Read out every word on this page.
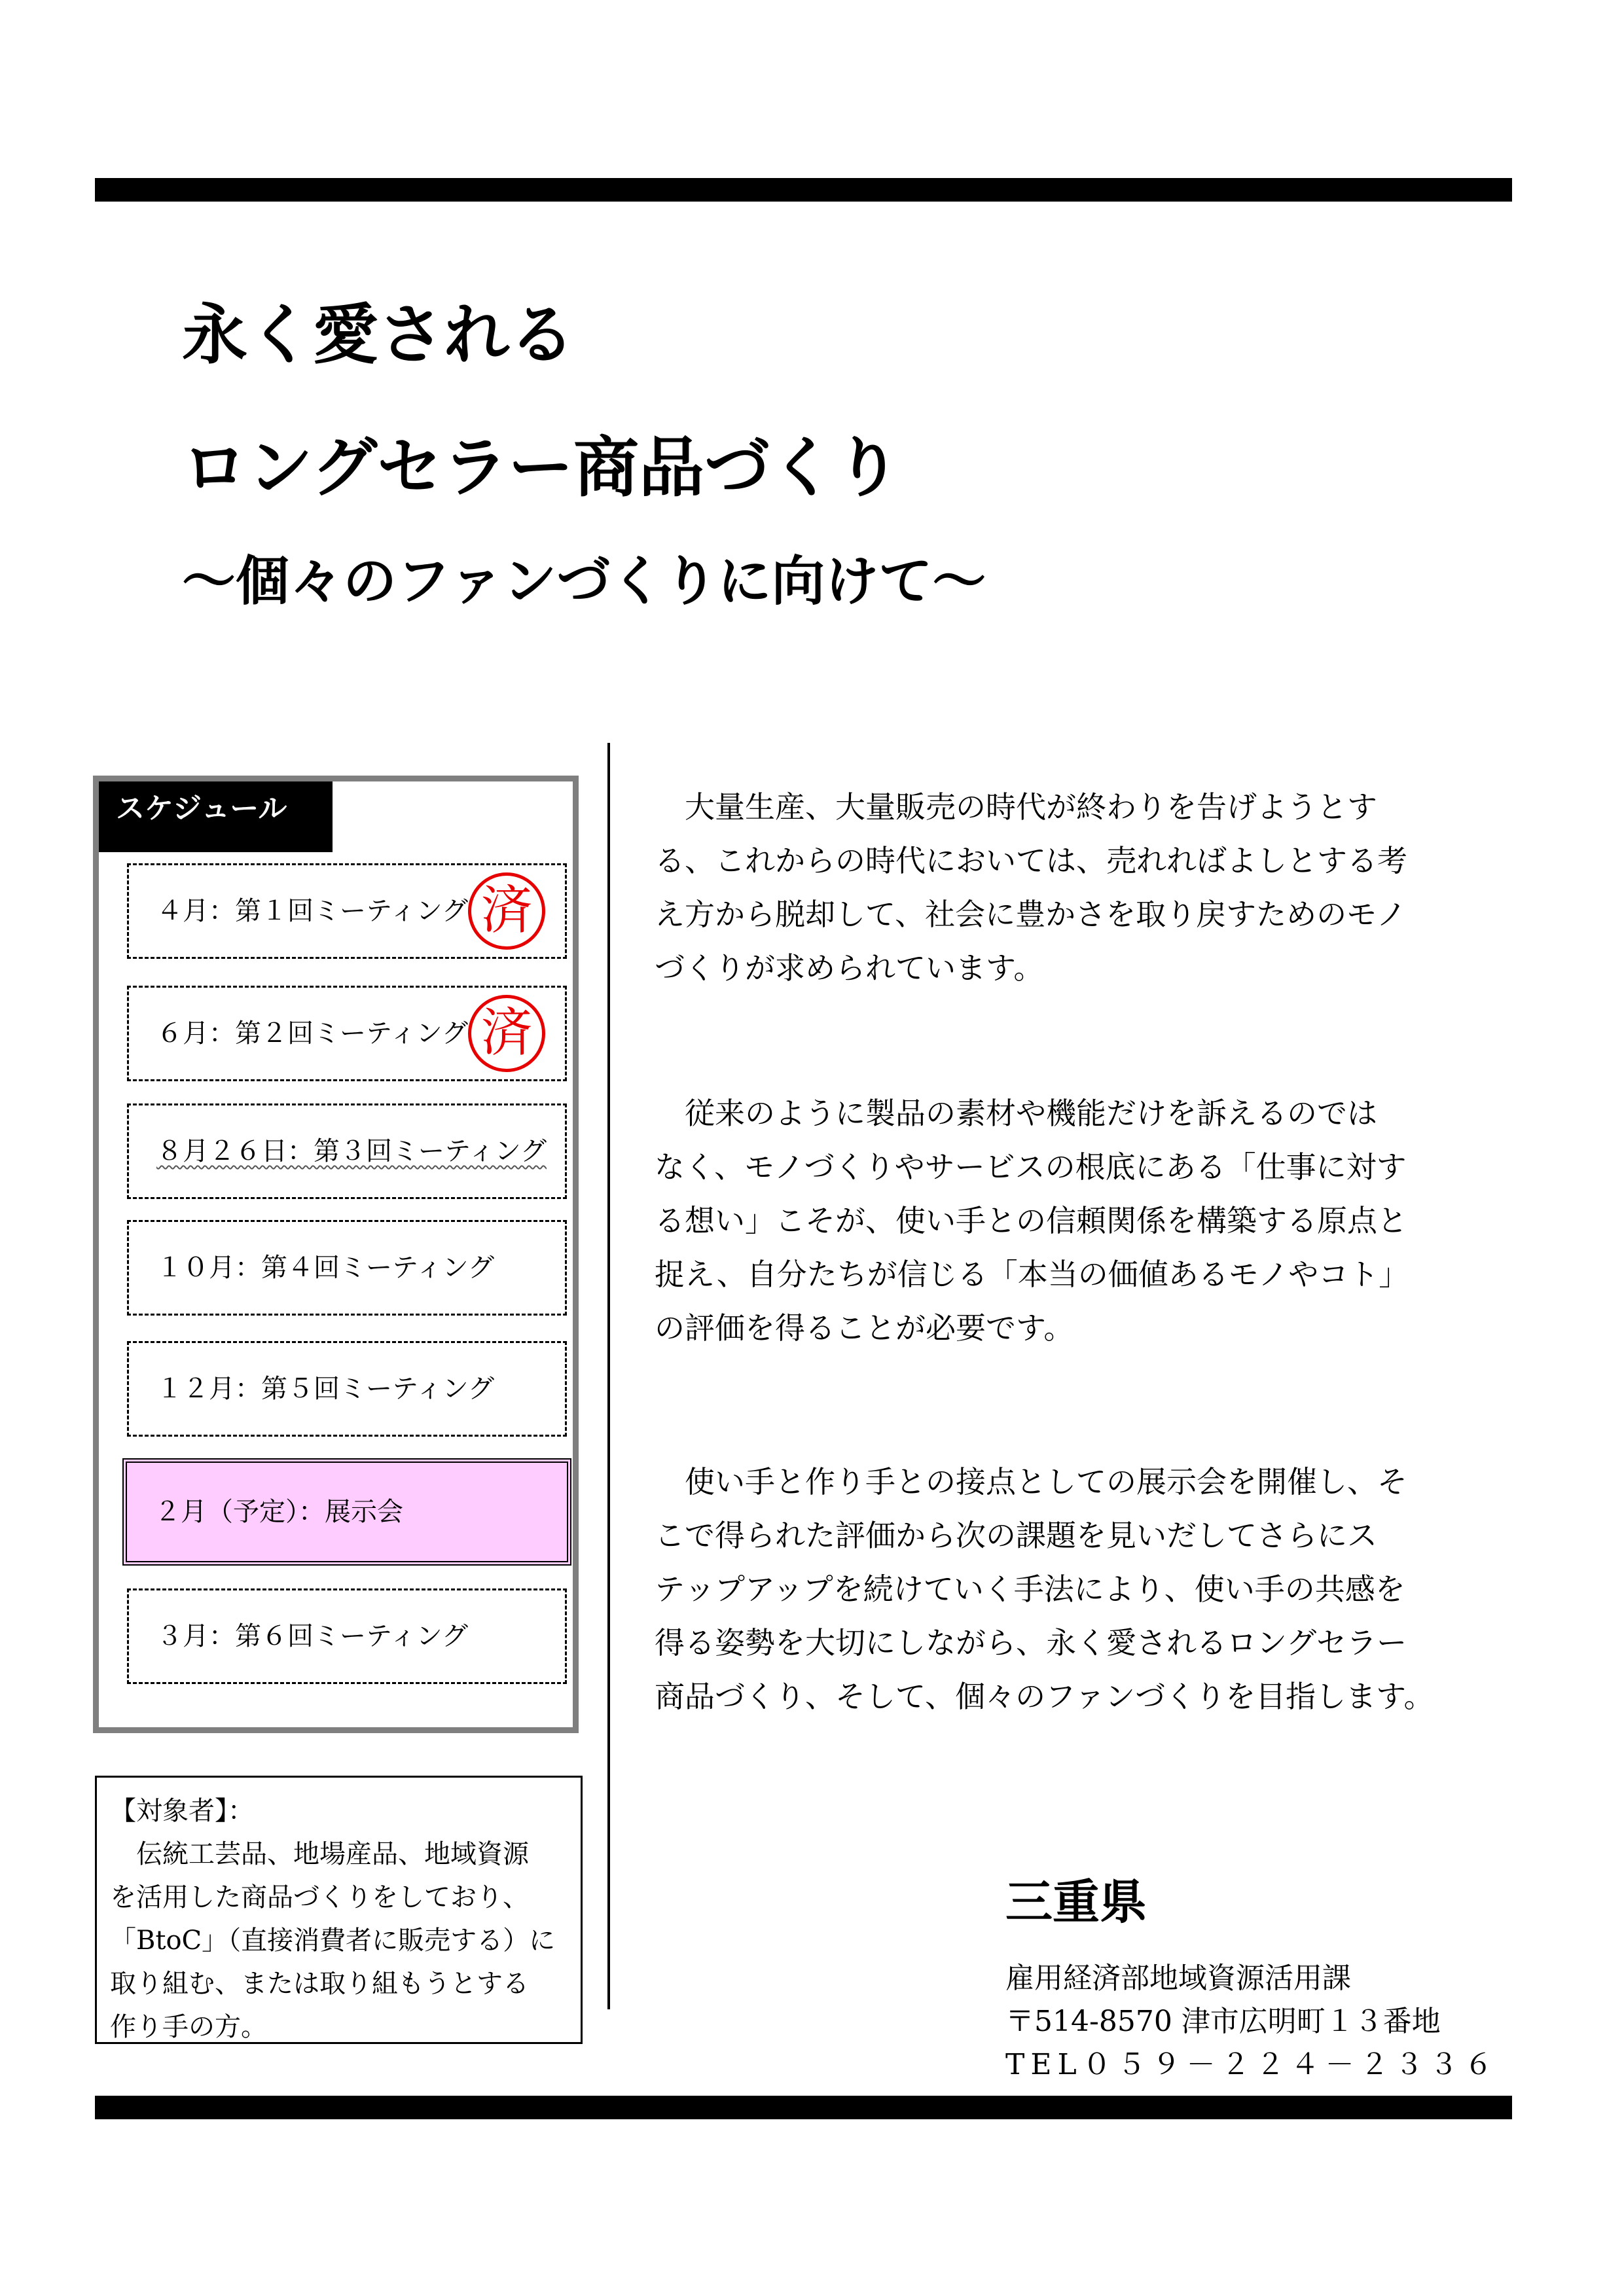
永く愛される
ロングセラー商品づくり
～個々のファンづくりに向けて～
スケジュール
４月：第１回ミーティング 済
６月：第２回ミーティング 済
８月２６日：第３回ミーティング
１０月：第４回ミーティング
１２月：第５回ミーティング
２月（予定）：展示会
３月：第６回ミーティング
【対象者】：
伝統工芸品、地場産品、地域資源
を活用した商品づくりをしており、
「BtoC」（直接消費者に販売する）に
取り組む、または取り組もうとする
作り手の方。
大量生産、大量販売の時代が終わりを告げようとす
る、これからの時代においては、売れればよしとする考
え方から脱却して、社会に豊かさを取り戻すためのモノ
づくりが求められています。
従来のように製品の素材や機能だけを訴えるのでは
なく、モノづくりやサービスの根底にある「仕事に対す
る想い」こそが、使い手との信頼関係を構築する原点と
捉え、自分たちが信じる「本当の価値あるモノやコト」
の評価を得ることが必要です。
使い手と作り手との接点としての展示会を開催し、そ
こで得られた評価から次の課題を見いだしてさらにス
テップアップを続けていく手法により、使い手の共感を
得る姿勢を大切にしながら、永く愛されるロングセラー
商品づくり、そして、個々のファンづくりを目指します。
三重県
雇用経済部地域資源活用課
〒514-8570 津市広明町１３番地
TEL０５９－２２４－２３３６
